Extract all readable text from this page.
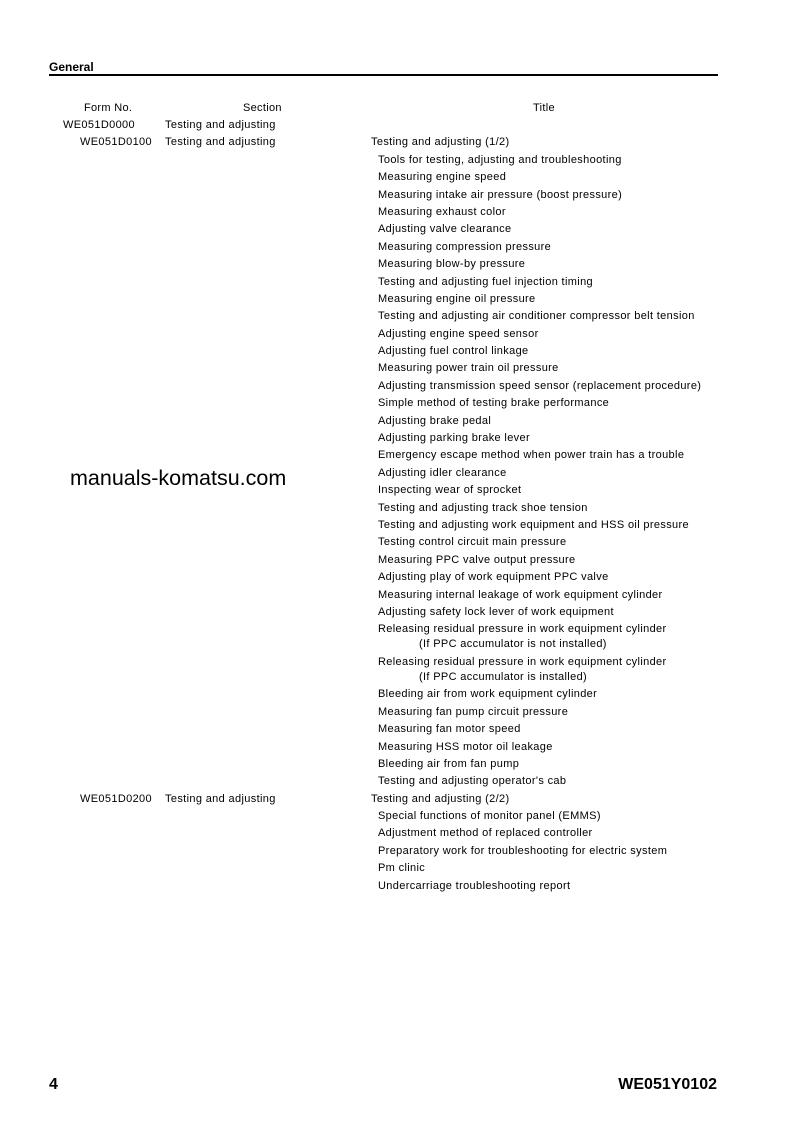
General
Form No.	Section	Title
WE051D0000	Testing and adjusting
WE051D0100 Testing and adjusting	Testing and adjusting (1/2)
Tools for testing, adjusting and troubleshooting
Measuring engine speed
Measuring intake air pressure (boost pressure)
Measuring exhaust color
Adjusting valve clearance
Measuring compression pressure
Measuring blow-by pressure
Testing and adjusting fuel injection timing
Measuring engine oil pressure
Testing and adjusting air conditioner compressor belt tension
Adjusting engine speed sensor
Adjusting fuel control linkage
Measuring power train oil pressure
Adjusting transmission speed sensor (replacement procedure)
Simple method of testing brake performance
Adjusting brake pedal
Adjusting parking brake lever
Emergency escape method when power train has a trouble
Adjusting idler clearance
Inspecting wear of sprocket
Testing and adjusting track shoe tension
Testing and adjusting work equipment and HSS oil pressure
Testing control circuit main pressure
Measuring PPC valve output pressure
Adjusting play of work equipment PPC valve
Measuring internal leakage of work equipment cylinder
Adjusting safety lock lever of work equipment
Releasing residual pressure in work equipment cylinder
(If PPC accumulator is not installed)
Releasing residual pressure in work equipment cylinder
(If PPC accumulator is installed)
Bleeding air from work equipment cylinder
Measuring fan pump circuit pressure
Measuring fan motor speed
Measuring HSS motor oil leakage
Bleeding air from fan pump
Testing and adjusting operator's cab
WE051D0200 Testing and adjusting	Testing and adjusting (2/2)
Special functions of monitor panel (EMMS)
Adjustment method of replaced controller
Preparatory work for troubleshooting for electric system
Pm clinic
Undercarriage troubleshooting report
manuals-komatsu.com
4	WE051Y0102
